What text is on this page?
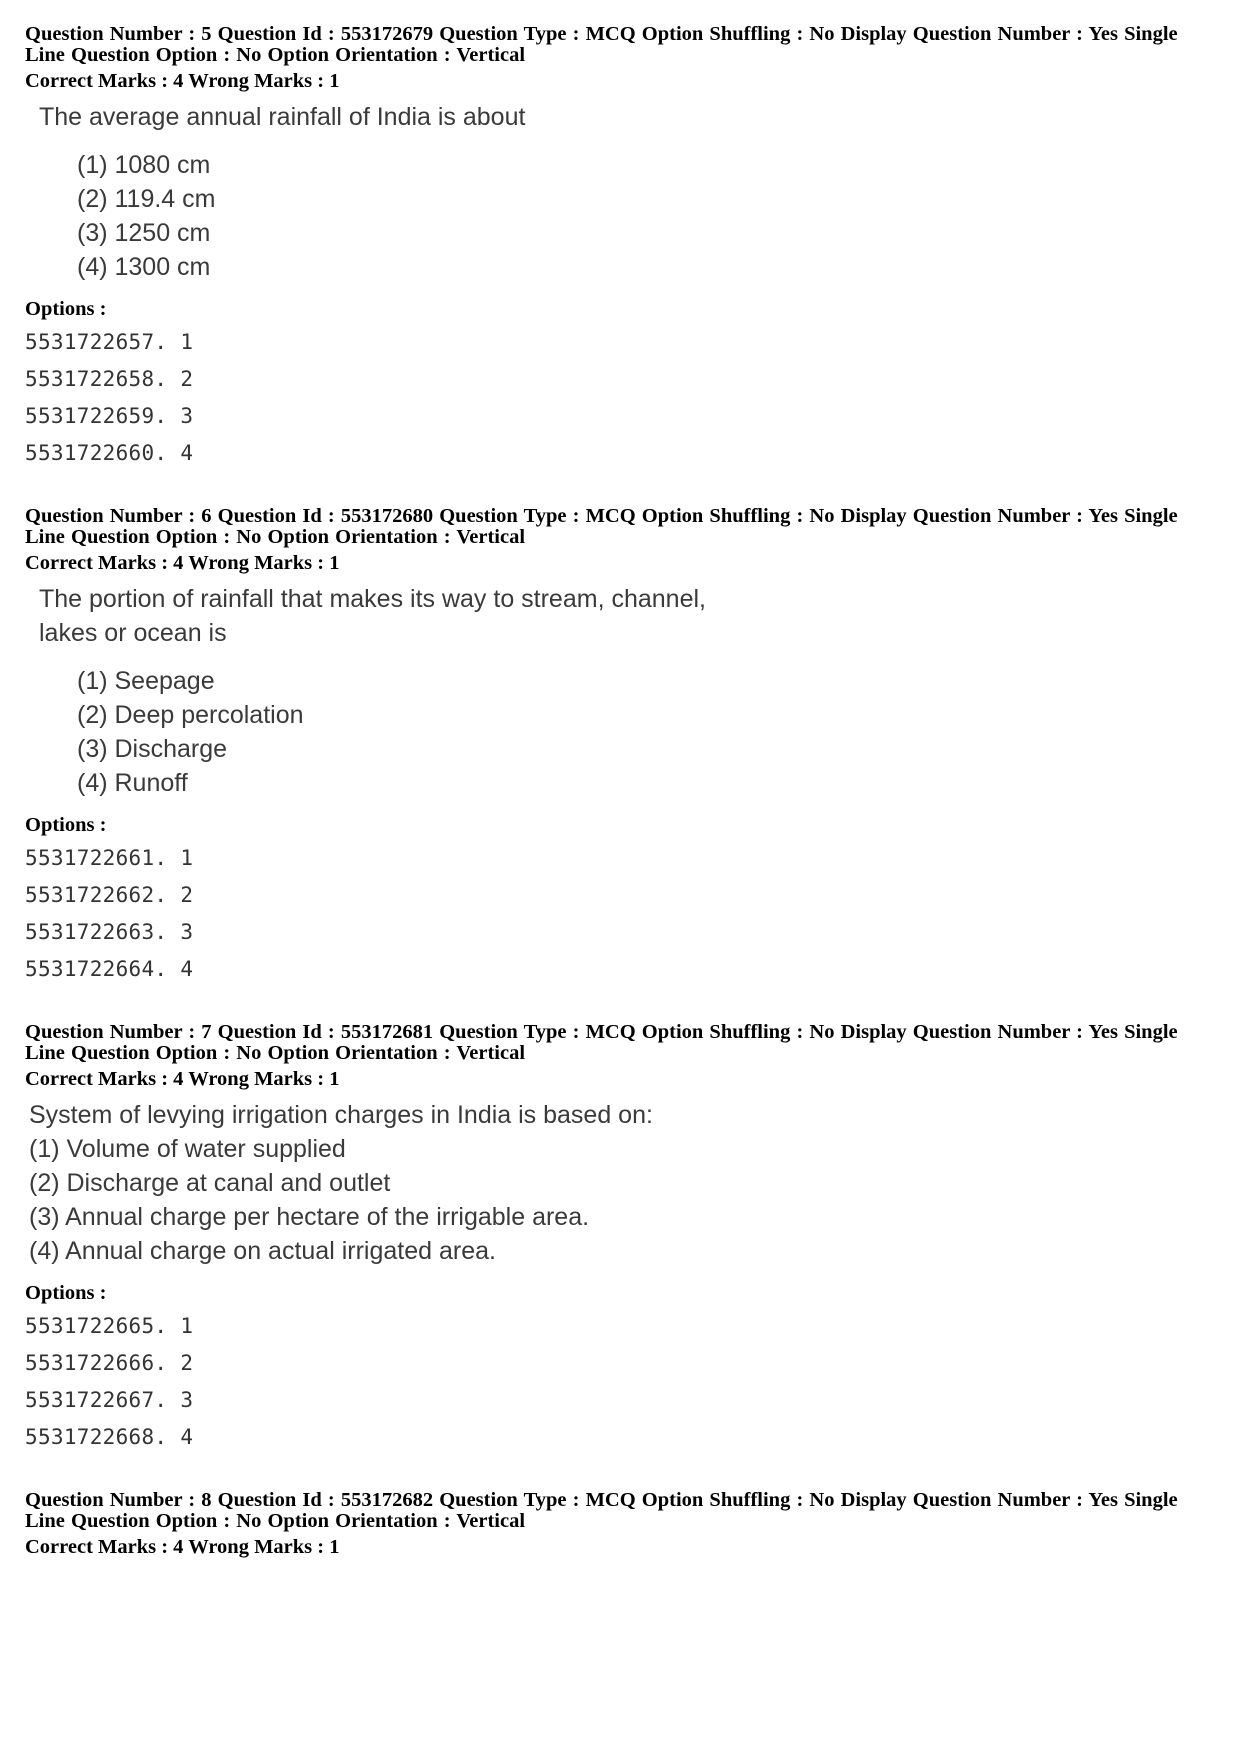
Question Number : 5 Question Id : 553172679 Question Type : MCQ Option Shuffling : No Display Question Number : Yes Single
Line Question Option : No Option Orientation : Vertical
Correct Marks : 4 Wrong Marks : 1
The average annual rainfall of India is about
(1) 1080 cm
(2) 119.4 cm
(3) 1250 cm
(4) 1300 cm
Options :
5531722657. 1
5531722658. 2
5531722659. 3
5531722660. 4
Question Number : 6 Question Id : 553172680 Question Type : MCQ Option Shuffling : No Display Question Number : Yes Single
Line Question Option : No Option Orientation : Vertical
Correct Marks : 4 Wrong Marks : 1
The portion of rainfall that makes its way to stream, channel,
lakes or ocean is
(1) Seepage
(2) Deep percolation
(3) Discharge
(4) Runoff
Options :
5531722661. 1
5531722662. 2
5531722663. 3
5531722664. 4
Question Number : 7 Question Id : 553172681 Question Type : MCQ Option Shuffling : No Display Question Number : Yes Single
Line Question Option : No Option Orientation : Vertical
Correct Marks : 4 Wrong Marks : 1
System of levying irrigation charges in India is based on:
(1) Volume of water supplied
(2) Discharge at canal and outlet
(3) Annual charge per hectare of the irrigable area.
(4) Annual charge on actual irrigated area.
Options :
5531722665. 1
5531722666. 2
5531722667. 3
5531722668. 4
Question Number : 8 Question Id : 553172682 Question Type : MCQ Option Shuffling : No Display Question Number : Yes Single
Line Question Option : No Option Orientation : Vertical
Correct Marks : 4 Wrong Marks : 1
